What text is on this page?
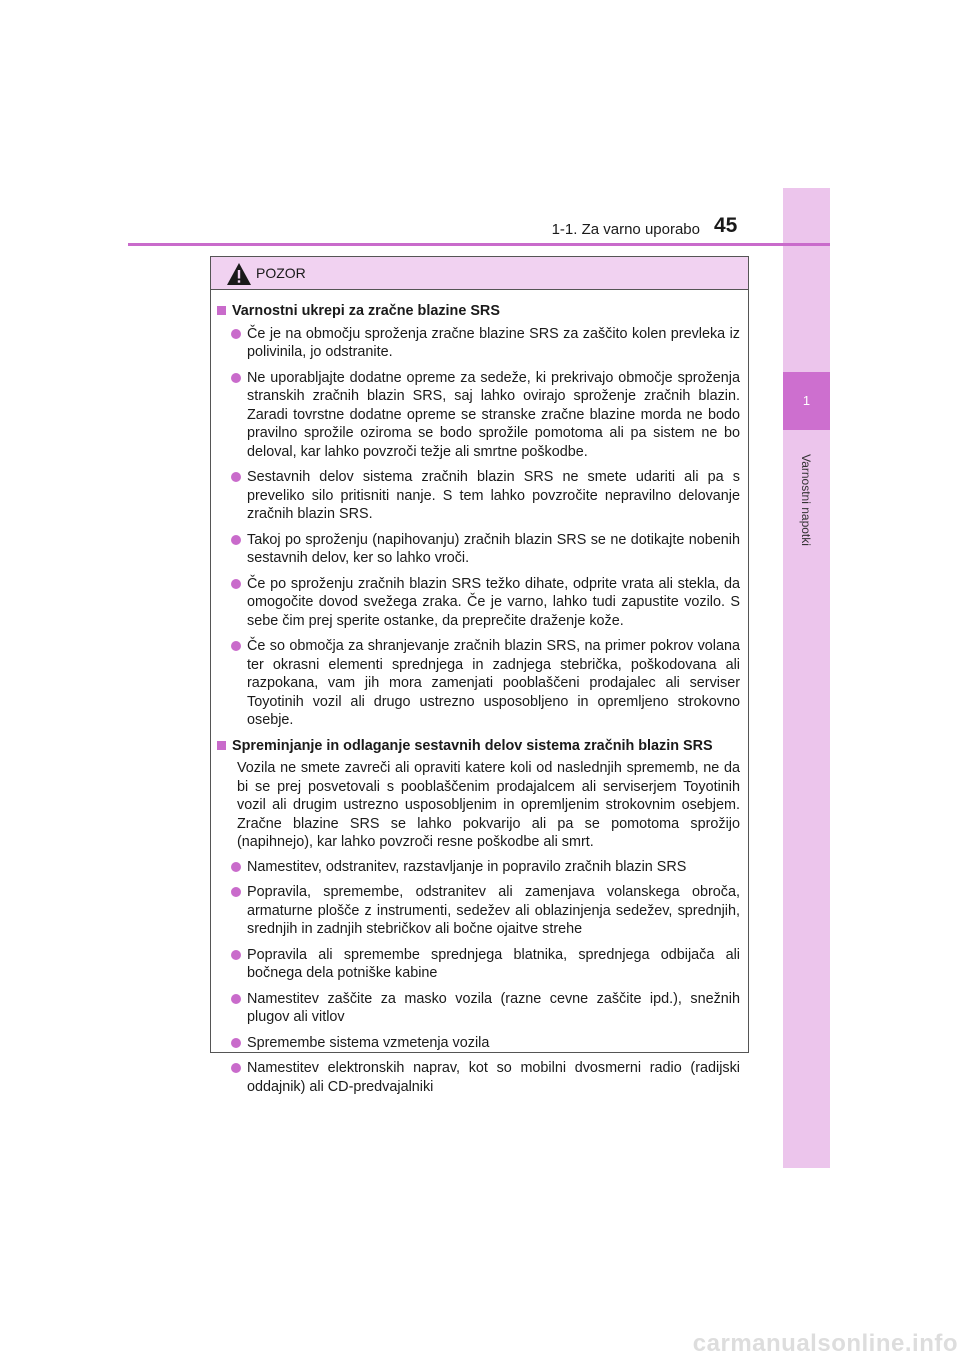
1
Varnostni napotki
1-1. Za varno uporabo 45
POZOR
Varnostni ukrepi za zračne blazine SRS
Če je na območju sproženja zračne blazine SRS za zaščito kolen prevleka iz polivinila, jo odstranite.
Ne uporabljajte dodatne opreme za sedeže, ki prekrivajo območje sproženja stranskih zračnih blazin SRS, saj lahko ovirajo sproženje zračnih blazin. Zaradi tovrstne dodatne opreme se stranske zračne blazine morda ne bodo pravilno sprožile oziroma se bodo sprožile pomotoma ali pa sistem ne bo deloval, kar lahko povzroči težje ali smrtne poškodbe.
Sestavnih delov sistema zračnih blazin SRS ne smete udariti ali pa s preveliko silo pritisniti nanje. S tem lahko povzročite nepravilno delovanje zračnih blazin SRS.
Takoj po sproženju (napihovanju) zračnih blazin SRS se ne dotikajte nobenih sestavnih delov, ker so lahko vroči.
Če po sproženju zračnih blazin SRS težko dihate, odprite vrata ali stekla, da omogočite dovod svežega zraka. Če je varno, lahko tudi zapustite vozilo. S sebe čim prej sperite ostanke, da preprečite draženje kože.
Če so območja za shranjevanje zračnih blazin SRS, na primer pokrov volana ter okrasni elementi sprednjega in zadnjega stebrička, poškodovana ali razpokana, vam jih mora zamenjati pooblaščeni prodajalec ali serviser Toyotinih vozil ali drugo ustrezno usposobljeno in opremljeno strokovno osebje.
Spreminjanje in odlaganje sestavnih delov sistema zračnih blazin SRS
Vozila ne smete zavreči ali opraviti katere koli od naslednjih sprememb, ne da bi se prej posvetovali s pooblaščenim prodajalcem ali serviserjem Toyotinih vozil ali drugim ustrezno usposobljenim in opremljenim strokovnim osebjem. Zračne blazine SRS se lahko pokvarijo ali pa se pomotoma sprožijo (napihnejo), kar lahko povzroči resne poškodbe ali smrt.
Namestitev, odstranitev, razstavljanje in popravilo zračnih blazin SRS
Popravila, spremembe, odstranitev ali zamenjava volanskega obroča, armaturne plošče z instrumenti, sedežev ali oblazinjenja sedežev, sprednjih, srednjih in zadnjih stebričkov ali bočne ojaitve strehe
Popravila ali spremembe sprednjega blatnika, sprednjega odbijača ali bočnega dela potniške kabine
Namestitev zaščite za masko vozila (razne cevne zaščite ipd.), snežnih plugov ali vitlov
Spremembe sistema vzmetenja vozila
Namestitev elektronskih naprav, kot so mobilni dvosmerni radio (radijski oddajnik) ali CD-predvajalniki
carmanualsonline.info
